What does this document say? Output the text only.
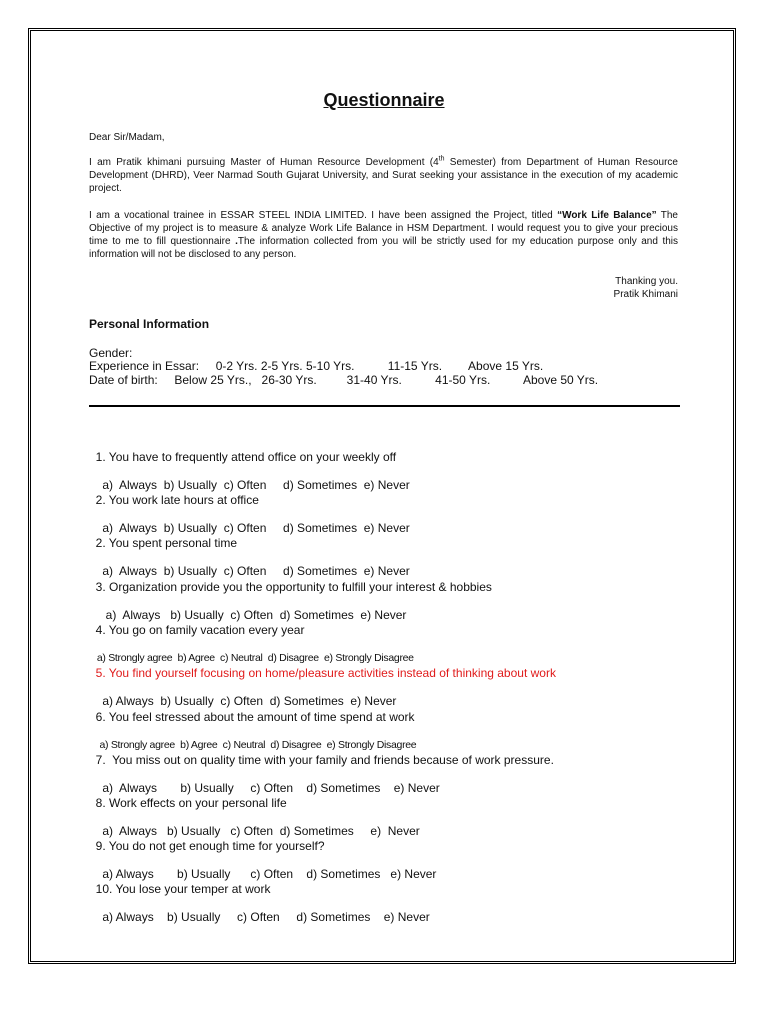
Questionnaire
Dear Sir/Madam,
I am Pratik khimani pursuing Master of Human Resource Development (4th Semester) from Department of Human Resource Development (DHRD), Veer Narmad South Gujarat University, and Surat seeking your assistance in the execution of my academic project.
I am a vocational trainee in ESSAR STEEL INDIA LIMITED. I have been assigned the Project, titled “Work Life Balance” The Objective of my project is to measure & analyze Work Life Balance in HSM Department. I would request you to give your precious time to me to fill questionnaire .The information collected from you will be strictly used for my education purpose only and this information will not be disclosed to any person.
Thanking you.
Pratik Khimani
Personal Information
Gender:
Experience in Essar:     0-2 Yrs. 2-5 Yrs. 5-10 Yrs.          11-15 Yrs.        Above 15 Yrs.
Date of birth:     Below 25 Yrs.,   26-30 Yrs.         31-40 Yrs.          41-50 Yrs.          Above 50 Yrs.

1. You have to frequently attend office on your weekly off

a)  Always  b) Usually  c) Often     d) Sometimes  e) Never

2. You work late hours at office

a)  Always  b) Usually  c) Often     d) Sometimes  e) Never

2. You spent personal time

a)  Always  b) Usually  c) Often     d) Sometimes  e) Never

3. Organization provide you the opportunity to fulfill your interest & hobbies

a)  Always   b) Usually  c) Often  d) Sometimes  e) Never

4. You go on family vacation every year

a) Strongly agree  b) Agree  c) Neutral  d) Disagree  e) Strongly Disagree

5. You find yourself focusing on home/pleasure activities instead of thinking about work

a) Always  b) Usually  c) Often  d) Sometimes  e) Never

6. You feel stressed about the amount of time spend at work

a) Strongly agree  b) Agree  c) Neutral  d) Disagree  e) Strongly Disagree

7.  You miss out on quality time with your family and friends because of work pressure.

a)  Always       b) Usually     c) Often    d) Sometimes    e) Never

8. Work effects on your personal life

a)  Always   b) Usually   c) Often  d) Sometimes     e)  Never

9. You do not get enough time for yourself?

a) Always       b) Usually      c) Often    d) Sometimes   e) Never

10. You lose your temper at work

a) Always    b) Usually     c) Often     d) Sometimes    e) Never
